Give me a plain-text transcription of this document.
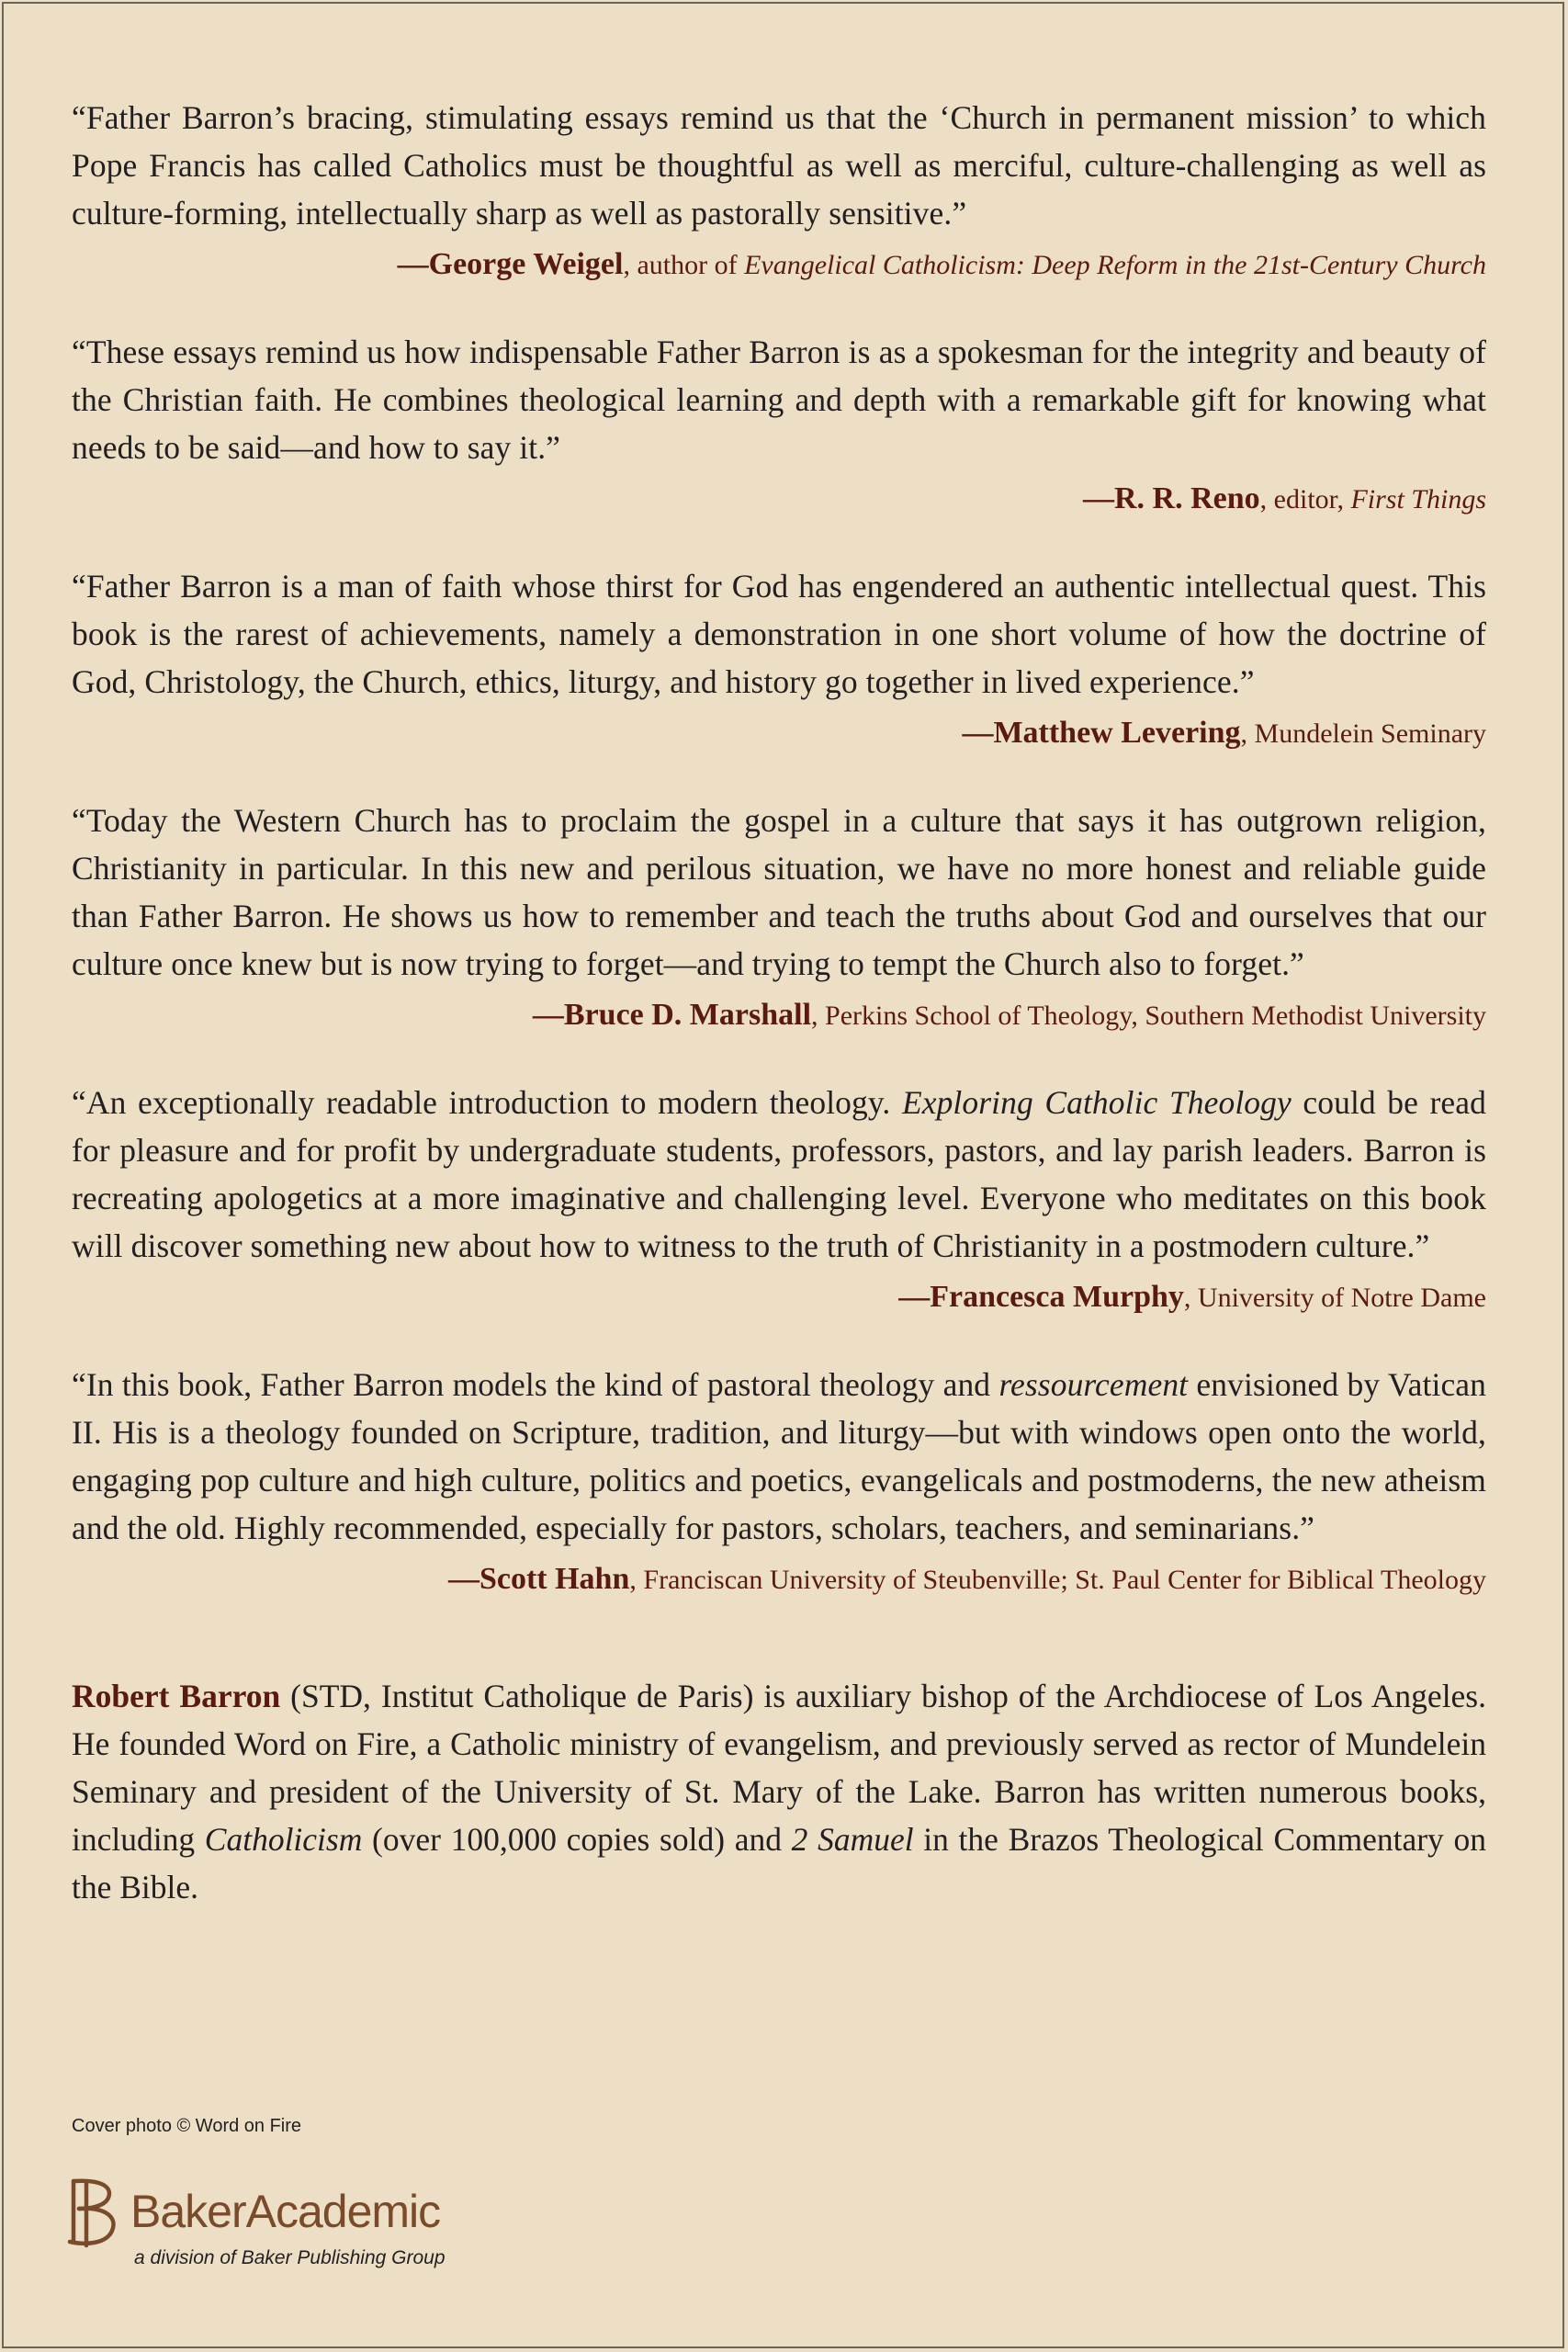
“Father Barron’s bracing, stimulating essays remind us that the ‘Church in permanent mission’ to which Pope Francis has called Catholics must be thoughtful as well as merciful, culture-challenging as well as culture-forming, intellectually sharp as well as pastorally sensitive.”

—George Weigel, author of Evangelical Catholicism: Deep Reform in the 21st-Century Church

“These essays remind us how indispensable Father Barron is as a spokesman for the integrity and beauty of the Christian faith. He combines theological learning and depth with a remarkable gift for knowing what needs to be said—and how to say it.”

—R. R. Reno, editor, First Things

“Father Barron is a man of faith whose thirst for God has engendered an authentic intellectual quest. This book is the rarest of achievements, namely a demonstration in one short volume of how the doctrine of God, Christology, the Church, ethics, liturgy, and history go together in lived experience.”

—Matthew Levering, Mundelein Seminary

“Today the Western Church has to proclaim the gospel in a culture that says it has outgrown religion, Christianity in particular. In this new and perilous situation, we have no more honest and reliable guide than Father Barron. He shows us how to remember and teach the truths about God and ourselves that our culture once knew but is now trying to forget—and trying to tempt the Church also to forget.”

—Bruce D. Marshall, Perkins School of Theology, Southern Methodist University

“An exceptionally readable introduction to modern theology. Exploring Catholic Theology could be read for pleasure and for profit by undergraduate students, professors, pastors, and lay parish leaders. Barron is recreating apologetics at a more imaginative and challenging level. Everyone who meditates on this book will discover something new about how to witness to the truth of Christianity in a postmodern culture.”

—Francesca Murphy, University of Notre Dame

“In this book, Father Barron models the kind of pastoral theology and ressourcement envisioned by Vatican II. His is a theology founded on Scripture, tradition, and liturgy—but with windows open onto the world, engaging pop culture and high culture, politics and poetics, evangelicals and postmoderns, the new atheism and the old. Highly recommended, especially for pastors, scholars, teachers, and seminarians.”

—Scott Hahn, Franciscan University of Steubenville; St. Paul Center for Biblical Theology

Robert Barron (STD, Institut Catholique de Paris) is auxiliary bishop of the Archdiocese of Los Angeles. He founded Word on Fire, a Catholic ministry of evangelism, and previously served as rector of Mundelein Seminary and president of the University of St. Mary of the Lake. Barron has written numerous books, including Catholicism (over 100,000 copies sold) and 2 Samuel in the Brazos Theological Commentary on the Bible.

Cover photo © Word on Fire
BakerAcademic
a division of Baker Publishing Group
